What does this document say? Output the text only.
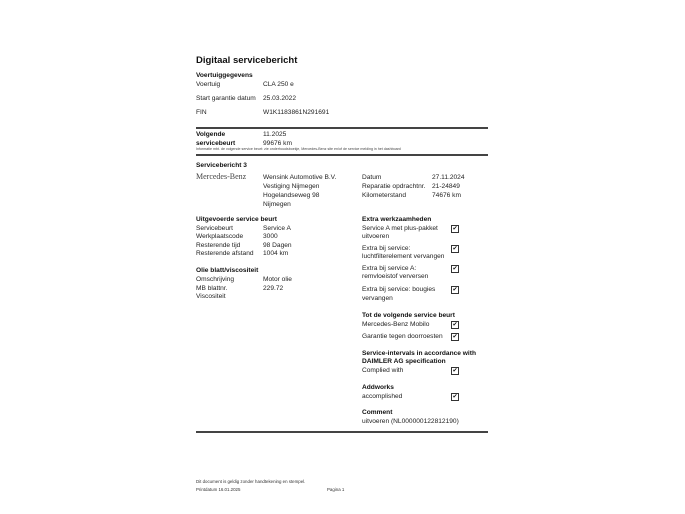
Digitaal servicebericht
Voertuiggegevens
Voertuig	CLA 250 e
Start garantie datum 25.03.2022
FIN	W1K1183861N291691
Volgende
servicebeurt
11.2025
99676 km
Informatie mbt. de volgende service beurt: zie onderhoudsboekje, Mercedes-Benz site en/of de service melding in het dashboard
Servicebericht 3
Mercedes-Benz	Wensink Automotive B.V.
Vestiging Nijmegen
Hogelandseweg 98
Nijmegen
Datum	27.11.2024
Reparatie opdrachtnr. 21-24849
Kilometerstand	74676 km
Uitgevoerde service beurt
Servicebeurt	Service A
Werkplaatscode	3000
Resterende tijd	98 Dagen
Resterende afstand 1004 km
Olie blatt/viscositeit
Omschrijving	Motor olie
MB blattnr.	229.72
Viscositeit
Extra werkzaamheden
Service A met plus-pakket
uitvoeren
✔
Extra bij service:
luchtfilterelement vervangen
✔
Extra bij service A:
remvloeistof verversen
✔
Extra bij service: bougies
vervangen
✔
Tot de volgende service beurt
Mercedes-Benz Mobilo	✔
Garantie tegen doorroesten ✔
Service-intervals in accordance with
DAIMLER AG specification
Complied with	✔
Addworks
accomplished	✔
Comment
uitvoeren (NL000000122812190)
Dit document is geldig zonder handtekening en stempel.
Printdatum 16.01.2025	Pagina 1
